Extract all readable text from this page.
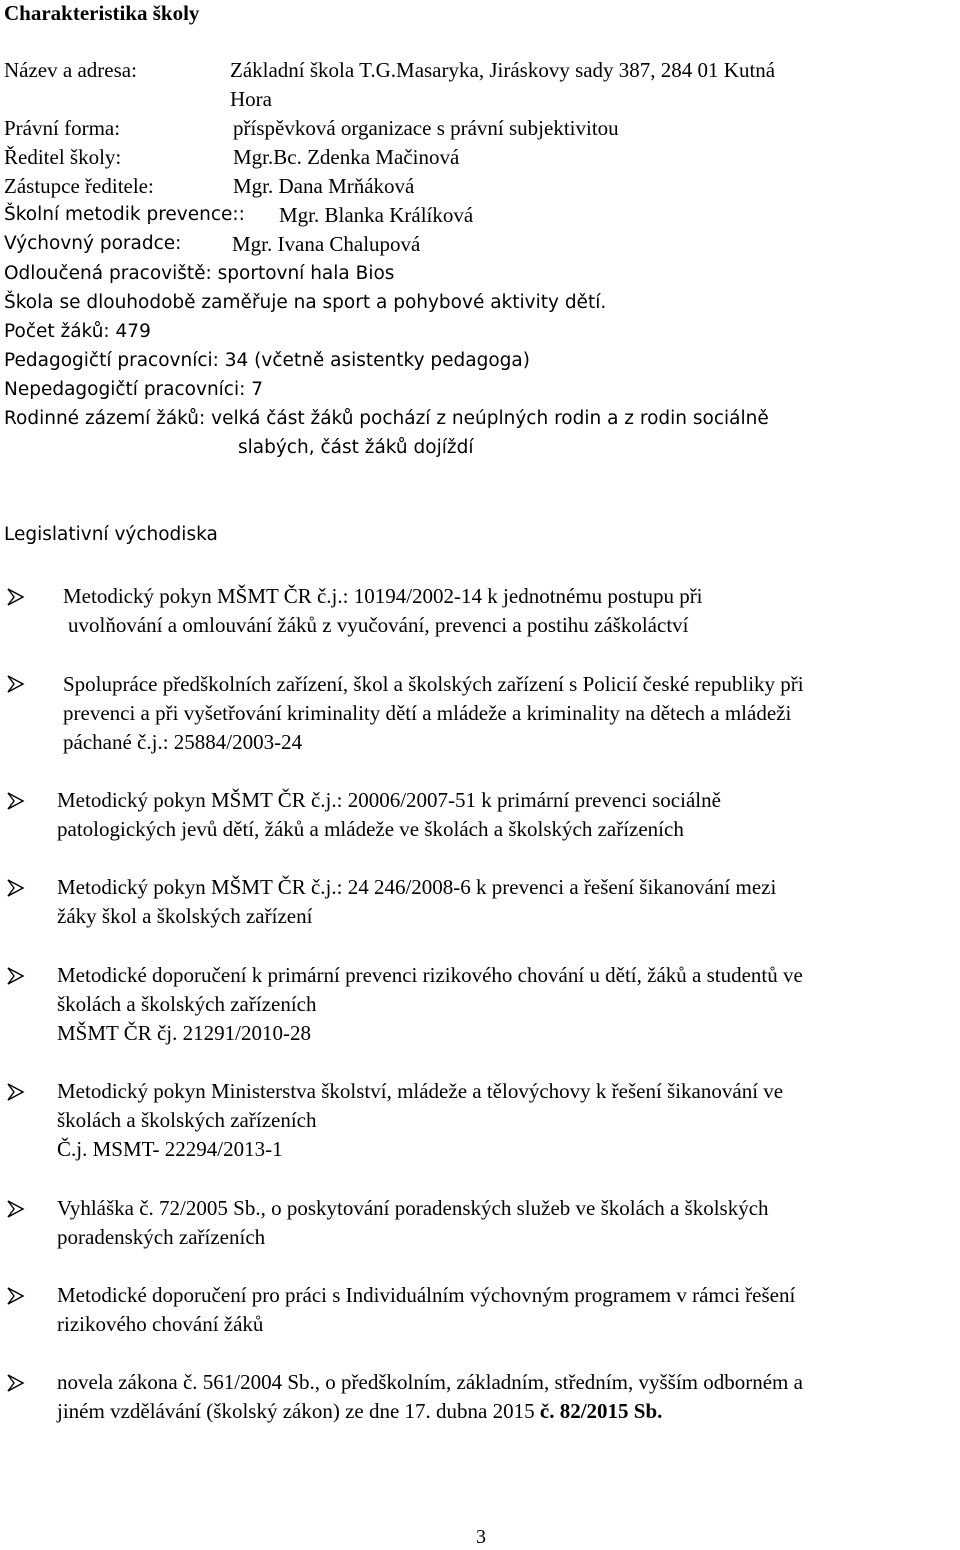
Charakteristika školy
Název a adresa:	Základní škola T.G.Masaryka, Jiráskovy sady 387, 284 01 Kutná
Hora
Právní forma:	příspěvková organizace s právní subjektivitou
Ředitel školy:	Mgr.Bc. Zdenka Mačinová
Zástupce ředitele:	Mgr. Dana Mrňáková
Školní metodik prevence:: Mgr. Blanka Králíková
Výchovný poradce: Mgr. Ivana Chalupová
Odloučená pracoviště: sportovní hala Bios
Škola se dlouhodobě zaměřuje na sport a pohybové aktivity dětí.
Počet žáků: 479
Pedagogičtí pracovníci: 34 (včetně asistentky pedagoga)
Nepedagogičtí pracovníci: 7
Rodinné zázemí žáků: velká část žáků pochází z neúplných rodin a z rodin sociálně
slabých, část žáků dojíždí
Legislativní východiska
Metodický pokyn MŠMT ČR č.j.: 10194/2002-14 k jednotnému postupu při
uvolňování a omlouvání žáků z vyučování, prevenci a postihu záškoláctví
Spolupráce předškolních zařízení, škol a školských zařízení s Policií české republiky při
prevenci a při vyšetřování kriminality dětí a mládeže a kriminality na dětech a mládeži
páchané č.j.: 25884/2003-24
Metodický pokyn MŠMT ČR č.j.: 20006/2007-51 k primární prevenci sociálně
patologických jevů dětí, žáků a mládeže ve školách a školských zařízeních
Metodický pokyn MŠMT ČR č.j.: 24 246/2008-6 k prevenci a řešení šikanování mezi
žáky škol a školských zařízení
Metodické doporučení k primární prevenci rizikového chování u dětí, žáků a studentů ve
školách a školských zařízeních
MŠMT ČR čj. 21291/2010-28
Metodický pokyn Ministerstva školství, mládeže a tělovýchovy k řešení šikanování ve
školách a školských zařízeních
Č.j. MSMT- 22294/2013-1
Vyhláška č. 72/2005 Sb., o poskytování poradenských služeb ve školách a školských
poradenských zařízeních
Metodické doporučení pro práci s Individuálním výchovným programem v rámci řešení
rizikového chování žáků
novela zákona č. 561/2004 Sb., o předškolním, základním, středním, vyšším odborném a
jiném vzdělávání (školský zákon) ze dne 17. dubna 2015 č. 82/2015 Sb.
3
